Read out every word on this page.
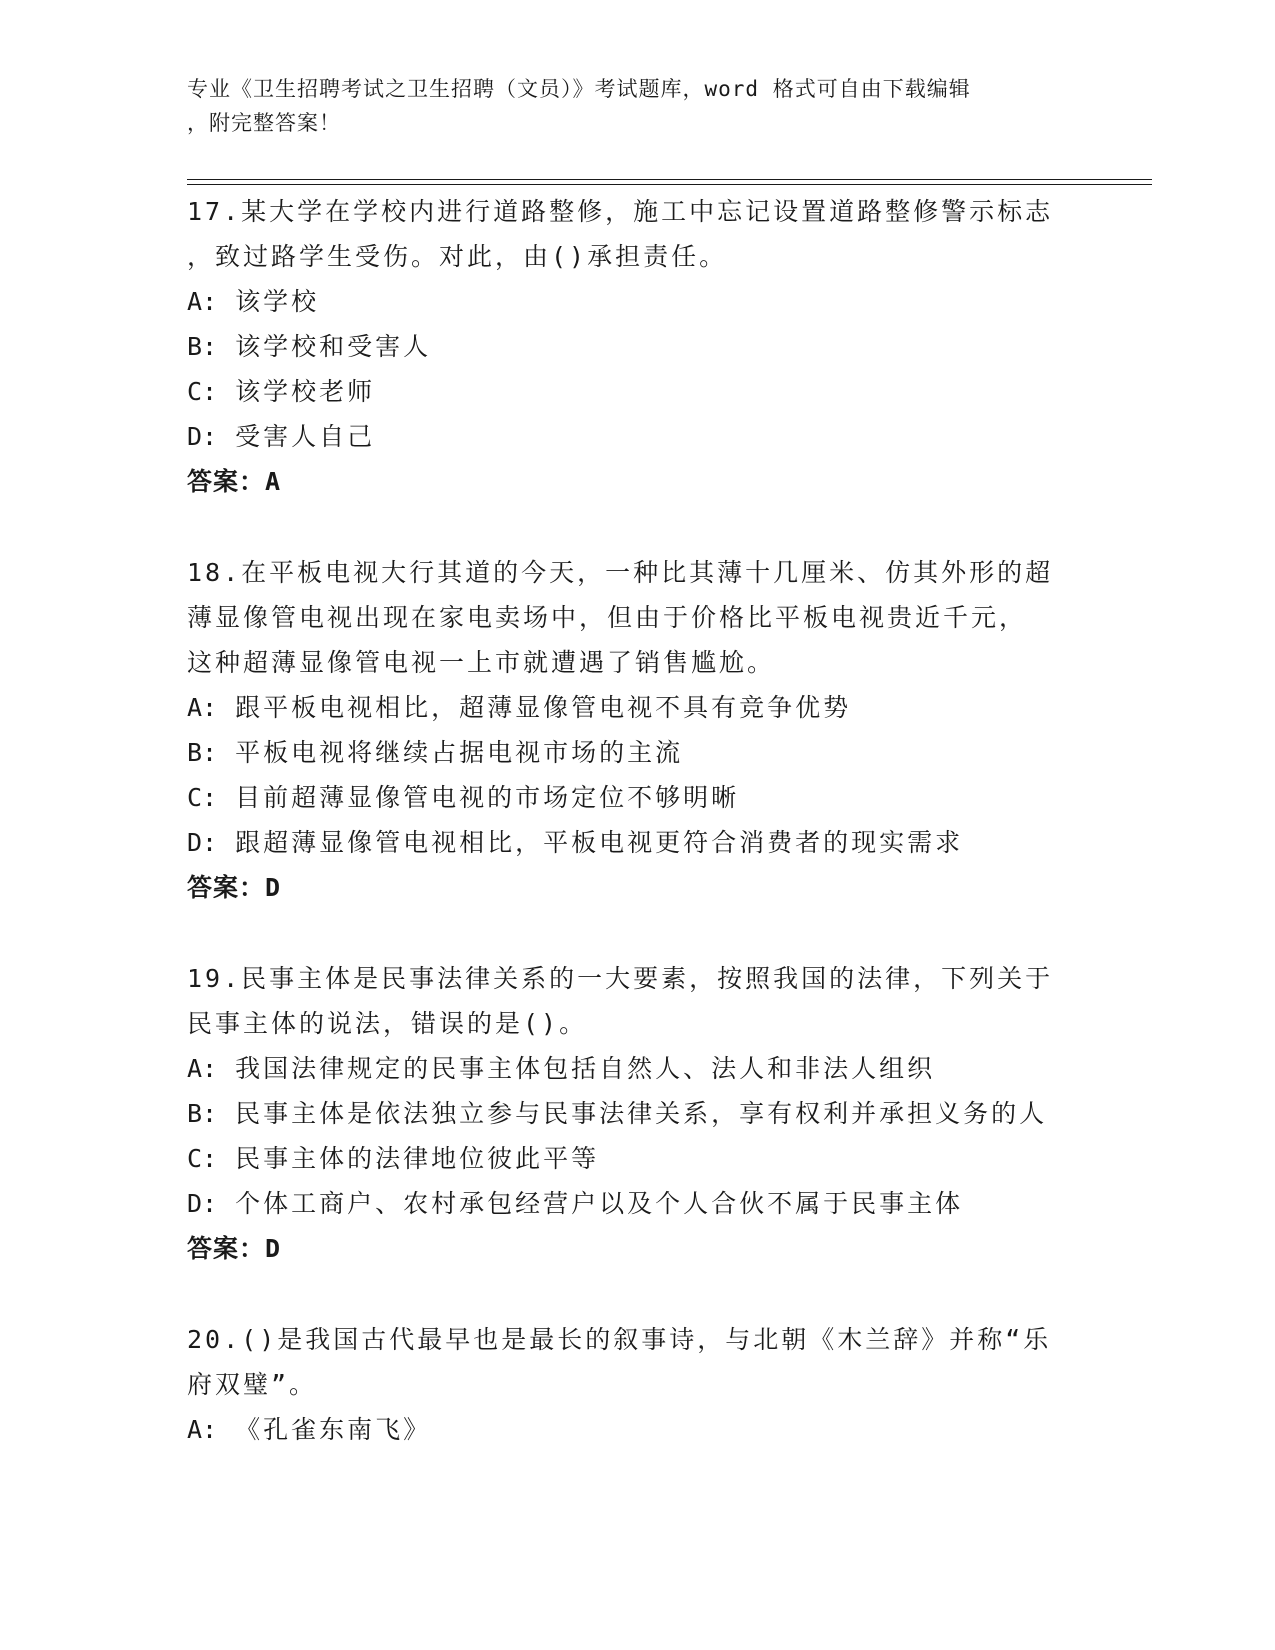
专业《卫生招聘考试之卫生招聘（文员）》考试题库，word 格式可自由下载编辑
，附完整答案！
17.某大学在学校内进行道路整修，施工中忘记设置道路整修警示标志
，致过路学生受伤。对此，由()承担责任。
A: 该学校
B: 该学校和受害人
C: 该学校老师
D: 受害人自己
答案：A
18.在平板电视大行其道的今天，一种比其薄十几厘米、仿其外形的超
薄显像管电视出现在家电卖场中，但由于价格比平板电视贵近千元，
这种超薄显像管电视一上市就遭遇了销售尴尬。
A: 跟平板电视相比，超薄显像管电视不具有竞争优势
B: 平板电视将继续占据电视市场的主流
C: 目前超薄显像管电视的市场定位不够明晰
D: 跟超薄显像管电视相比，平板电视更符合消费者的现实需求
答案：D
19.民事主体是民事法律关系的一大要素，按照我国的法律，下列关于
民事主体的说法，错误的是()。
A: 我国法律规定的民事主体包括自然人、法人和非法人组织
B: 民事主体是依法独立参与民事法律关系，享有权利并承担义务的人
C: 民事主体的法律地位彼此平等
D: 个体工商户、农村承包经营户以及个人合伙不属于民事主体
答案：D
20.()是我国古代最早也是最长的叙事诗，与北朝《木兰辞》并称“乐
府双璧”。
A: 《孔雀东南飞》
